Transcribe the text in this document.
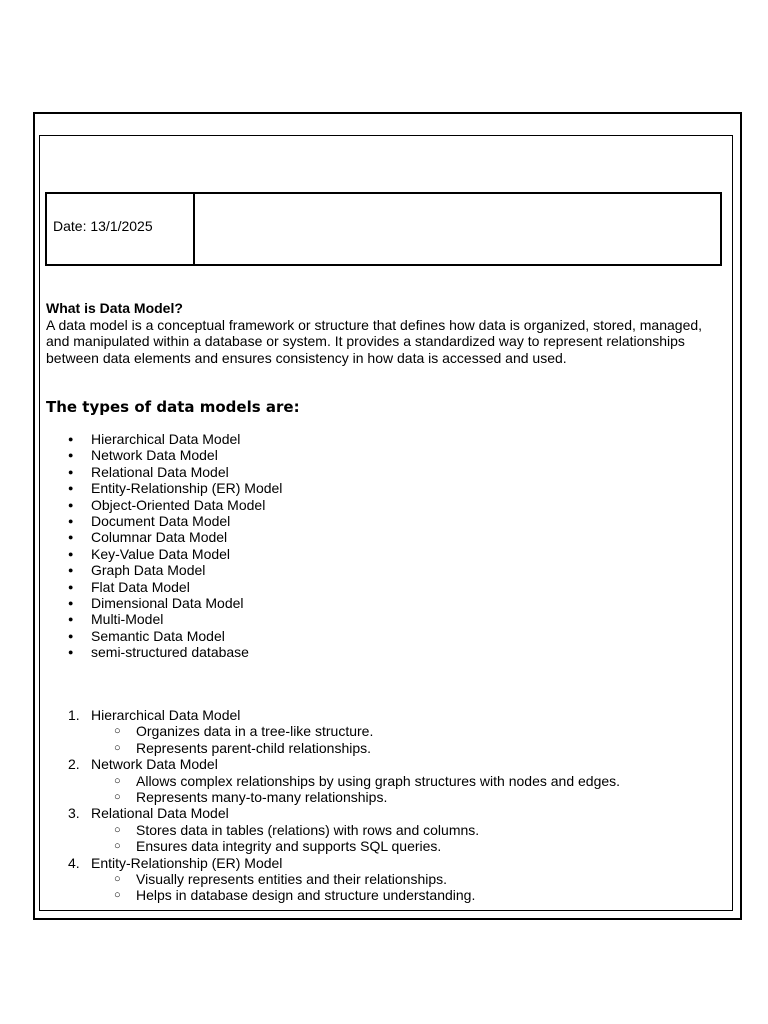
Date: 13/1/2025
What is Data Model?

A data model is a conceptual framework or structure that defines how data is organized, stored, managed, and manipulated within a database or system. It provides a standardized way to represent relationships between data elements and ensures consistency in how data is accessed and used.

The types of data models are:
● Hierarchical Data Model
● Network Data Model
● Relational Data Model
● Entity-Relationship (ER) Model
● Object-Oriented Data Model
● Document Data Model
● Columnar Data Model
● Key-Value Data Model
● Graph Data Model
● Flat Data Model
● Dimensional Data Model
● Multi-Model
● Semantic Data Model
● semi-structured database
1. Hierarchical Data Model
○ Organizes data in a tree-like structure.
○ Represents parent-child relationships.
2. Network Data Model
○ Allows complex relationships by using graph structures with nodes and edges.
○ Represents many-to-many relationships.
3. Relational Data Model
○ Stores data in tables (relations) with rows and columns.
○ Ensures data integrity and supports SQL queries.
4. Entity-Relationship (ER) Model
○ Visually represents entities and their relationships.
○ Helps in database design and structure understanding.
